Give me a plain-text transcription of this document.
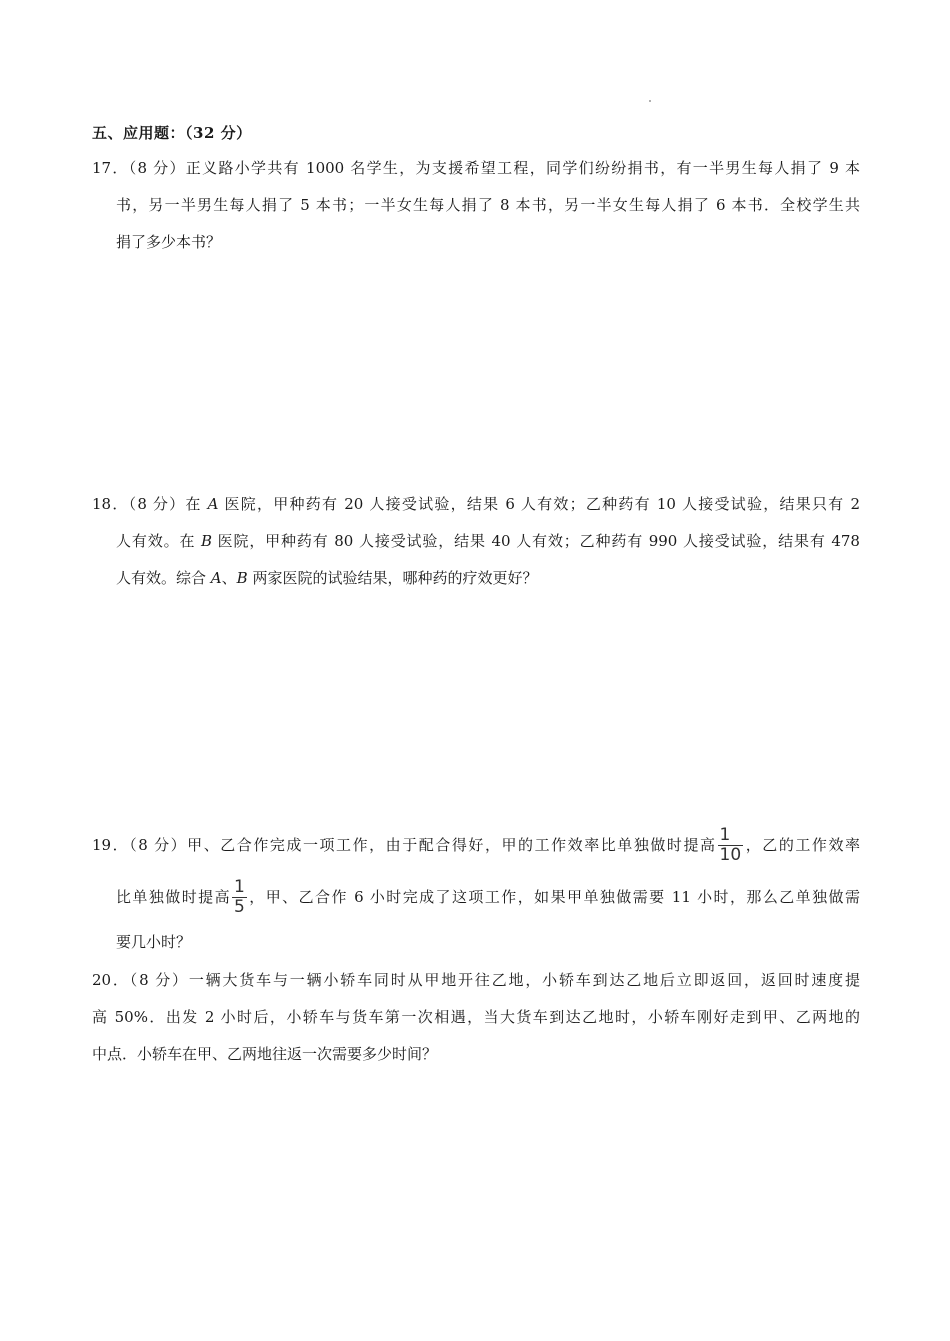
五、应用题：（32 分）
17．（8 分）正义路小学共有 1000 名学生，为支援希望工程，同学们纷纷捐书，有一半男生每人捐了 9 本
书，另一半男生每人捐了 5 本书；一半女生每人捐了 8 本书，另一半女生每人捐了 6 本书．全校学生共
捐了多少本书？
18．（8 分）在 A 医院，甲种药有 20 人接受试验，结果 6 人有效；乙种药有 10 人接受试验，结果只有 2
人有效。在 B 医院，甲种药有 80 人接受试验，结果 40 人有效；乙种药有 990 人接受试验，结果有 478
人有效。综合 A、B 两家医院的试验结果，哪种药的疗效更好？
19．（8 分）甲、乙合作完成一项工作，由于配合得好，甲的工作效率比单独做时提高 $\frac{1}{10}$ ，乙的工作效率
比单独做时提高 $\frac{1}{5}$ ，甲、乙合作 6 小时完成了这项工作，如果甲单独做需要 11 小时，那么乙单独做需
要几小时？
20．（8 分）一辆大货车与一辆小轿车同时从甲地开往乙地，小轿车到达乙地后立即返回，返回时速度提
高 50%．出发 2 小时后，小轿车与货车第一次相遇，当大货车到达乙地时，小轿车刚好走到甲、乙两地的
中点．小轿车在甲、乙两地往返一次需要多少时间？
